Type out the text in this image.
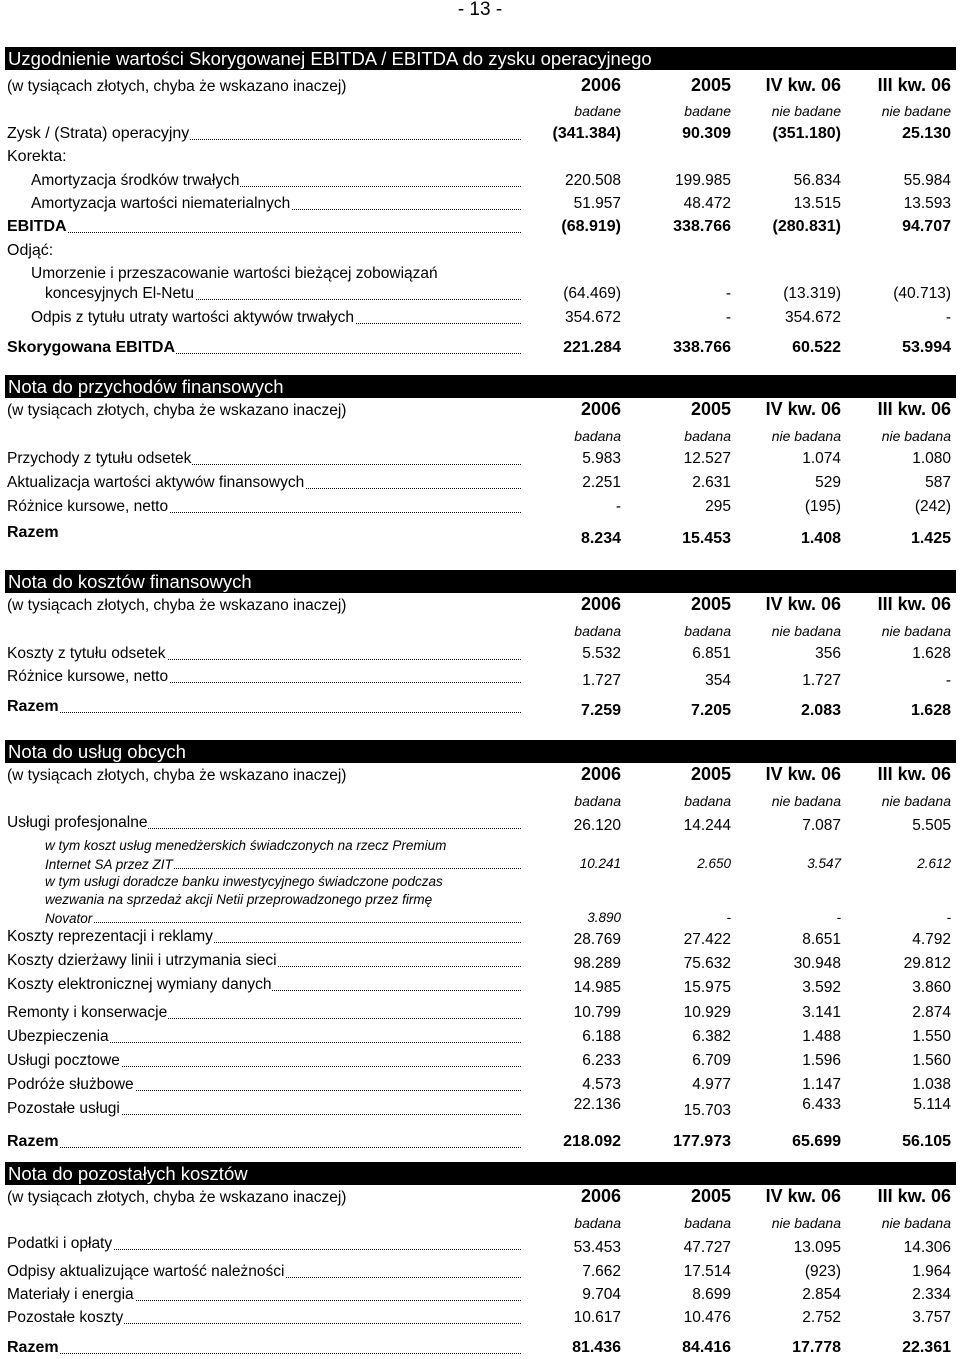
- 13 -
Uzgodnienie wartości Skorygowanej EBITDA / EBITDA do zysku operacyjnego
(w tysiącach złotych, chyba że wskazano inaczej)	2006	2005	IV kw. 06	III kw. 06
badane	badane	nie badane	nie badane
Zysk / (Strata) operacyjny	(341.384)	90.309	(351.180)	25.130
Korekta:
Amortyzacja środków trwałych	220.508	199.985	56.834	55.984
Amortyzacja wartości niematerialnych	51.957	48.472	13.515	13.593
EBITDA	(68.919)	338.766	(280.831)	94.707
Odjąć:
Umorzenie i przeszacowanie wartości bieżącej zobowiązań
koncesyjnych El-Netu	(64.469)	-	(13.319)	(40.713)
Odpis z tytułu utraty wartości aktywów trwałych	354.672	-	354.672	-
Skorygowana EBITDA	221.284	338.766	60.522	53.994
Nota do przychodów finansowych
(w tysiącach złotych, chyba że wskazano inaczej)	2006	2005	IV kw. 06	III kw. 06
badana	badana	nie badana	nie badana
Przychody z tytułu odsetek	5.983	12.527	1.074	1.080
Aktualizacja wartości aktywów finansowych	2.251	2.631	529	587
Różnice kursowe, netto	-	295	(195)	(242)
Razem	8.234	15.453	1.408	1.425
Nota do kosztów finansowych
(w tysiącach złotych, chyba że wskazano inaczej)	2006	2005	IV kw. 06	III kw. 06
badana	badana	nie badana	nie badana
Koszty z tytułu odsetek	5.532	6.851	356	1.628
Różnice kursowe, netto	1.727	354	1.727	-
Razem	7.259	7.205	2.083	1.628
Nota do usług obcych
(w tysiącach złotych, chyba że wskazano inaczej)	2006	2005	IV kw. 06	III kw. 06
badana	badana	nie badana	nie badana
Usługi profesjonalne	26.120	14.244	7.087	5.505
w tym koszt usług menedżerskich świadczonych na rzecz Premium
Internet SA przez ZIT	10.241	2.650	3.547	2.612
w tym usługi doradcze banku inwestycyjnego świadczone podczas
wezwania na sprzedaż akcji Netii przeprowadzonego przez firmę
Novator	3.890	-	-	-
Koszty reprezentacji i reklamy	28.769	27.422	8.651	4.792
Koszty dzierżawy linii i utrzymania sieci	98.289	75.632	30.948	29.812
Koszty elektronicznej wymiany danych	14.985	15.975	3.592	3.860
Remonty i konserwacje	10.799	10.929	3.141	2.874
Ubezpieczenia	6.188	6.382	1.488	1.550
Usługi pocztowe	6.233	6.709	1.596	1.560
Podróże służbowe	4.573	4.977	1.147	1.038
Pozostałe usługi	22.136	15.703	6.433	5.114
Razem	218.092	177.973	65.699	56.105
Nota do pozostałych kosztów
(w tysiącach złotych, chyba że wskazano inaczej)	2006	2005	IV kw. 06	III kw. 06
badana	badana	nie badana	nie badana
Podatki i opłaty	53.453	47.727	13.095	14.306
Odpisy aktualizujące wartość należności	7.662	17.514	(923)	1.964
Materiały i energia	9.704	8.699	2.854	2.334
Pozostałe koszty	10.617	10.476	2.752	3.757
Razem	81.436	84.416	17.778	22.361
